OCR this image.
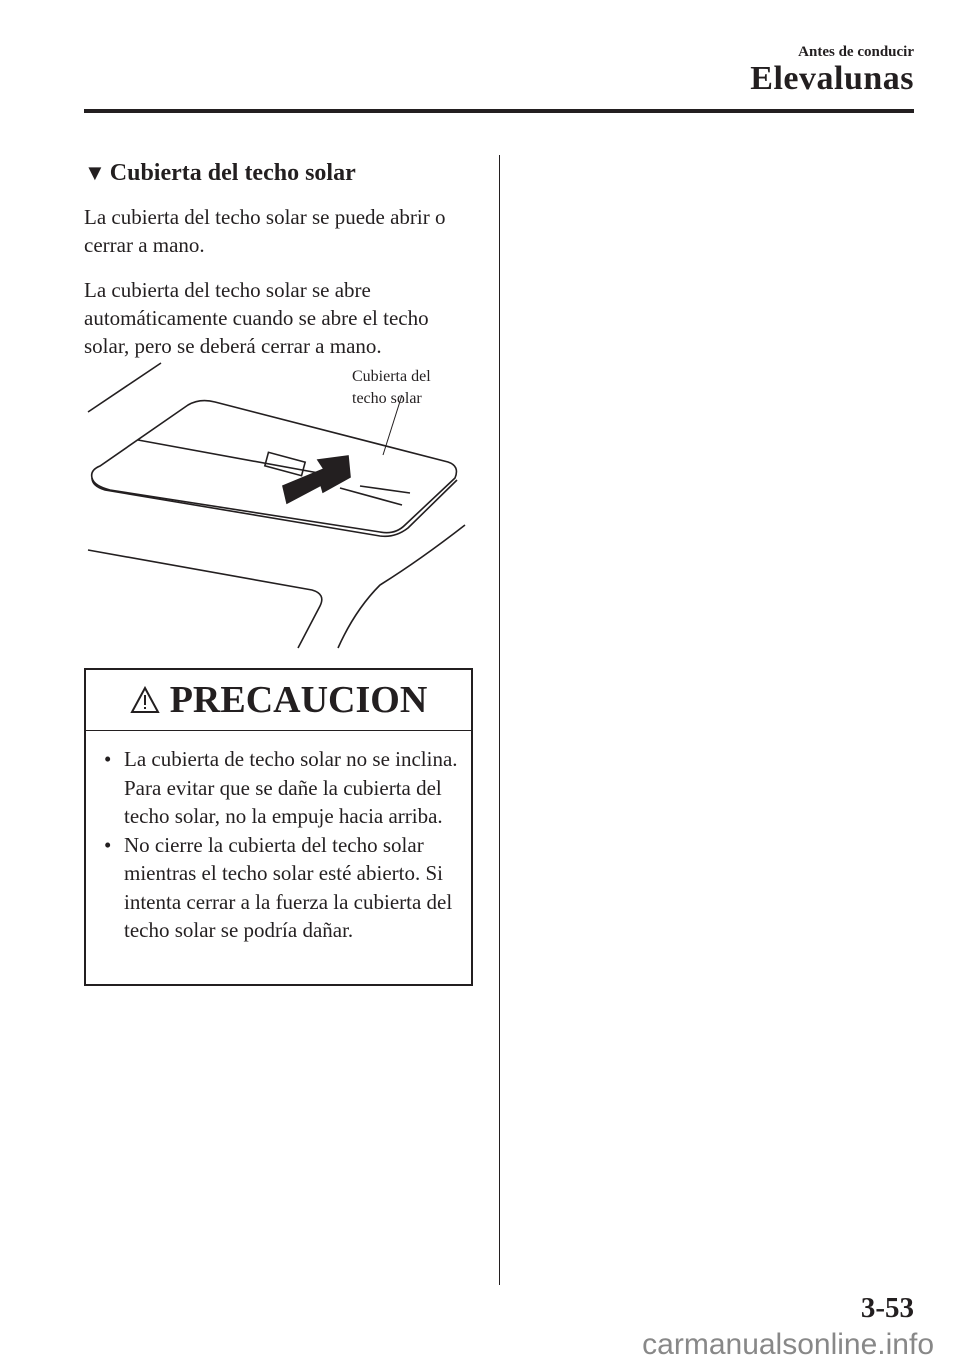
Antes de conducir
Elevalunas
▼ Cubierta del techo solar
La cubierta del techo solar se puede abrir o cerrar a mano.
La cubierta del techo solar se abre automáticamente cuando se abre el techo solar, pero se deberá cerrar a mano.
Cubierta del
techo solar
PRECAUCION
• La cubierta de techo solar no se inclina. Para evitar que se dañe la cubierta del techo solar, no la empuje hacia arriba.
• No cierre la cubierta del techo solar mientras el techo solar esté abierto. Si intenta cerrar a la fuerza la cubierta del techo solar se podría dañar.
3-53
carmanualsonline.info
